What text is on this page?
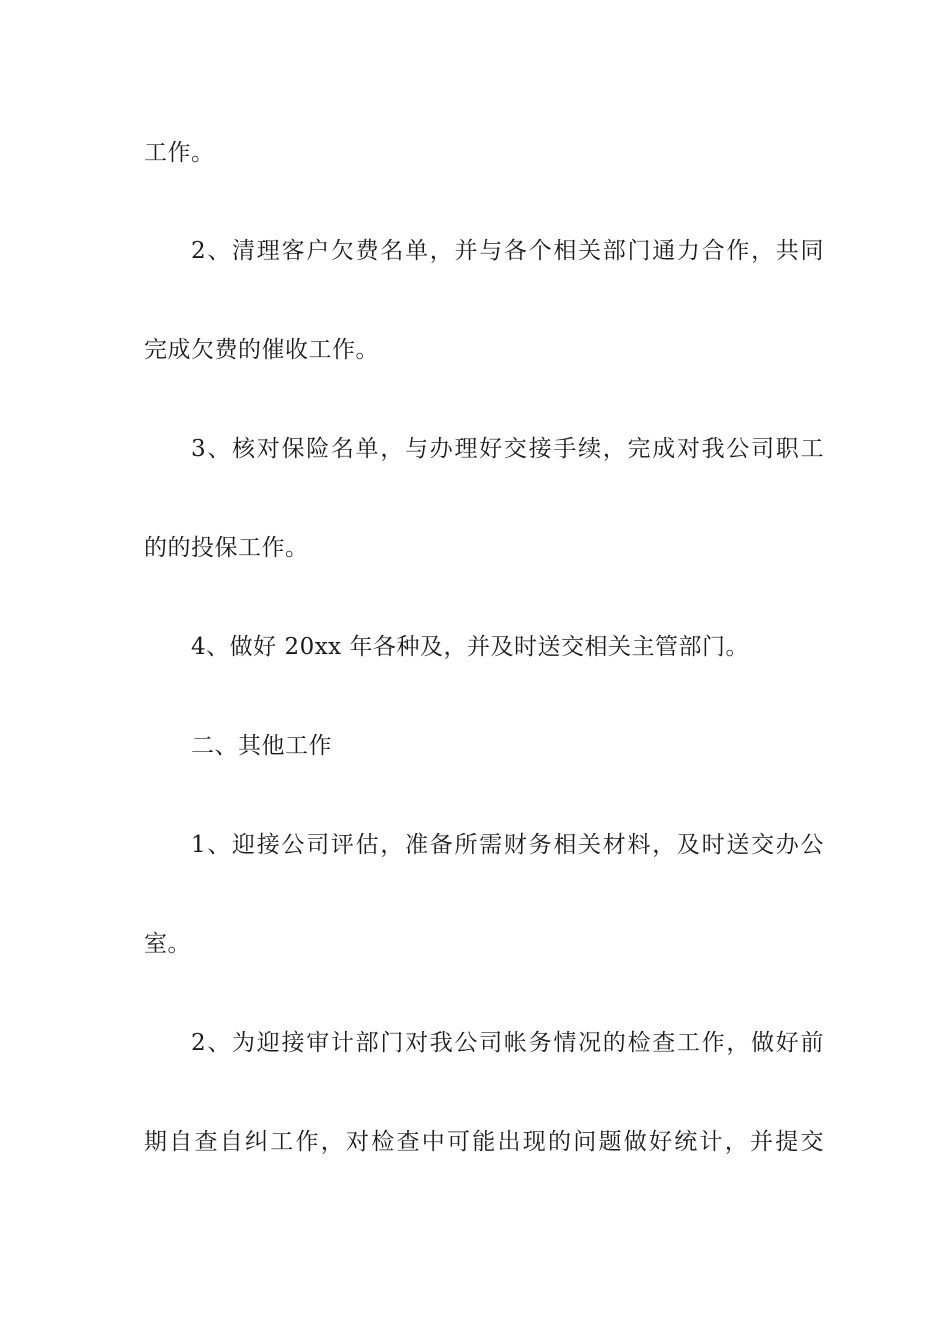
工作。
2、清理客户欠费名单，并与各个相关部门通力合作，共同
完成欠费的催收工作。
3、核对保险名单，与办理好交接手续，完成对我公司职工
的的投保工作。
4、做好 20xx 年各种及，并及时送交相关主管部门。
二、其他工作
1、迎接公司评估，准备所需财务相关材料，及时送交办公
室。
2、为迎接审计部门对我公司帐务情况的检查工作，做好前
期自查自纠工作，对检查中可能出现的问题做好统计，并提交
